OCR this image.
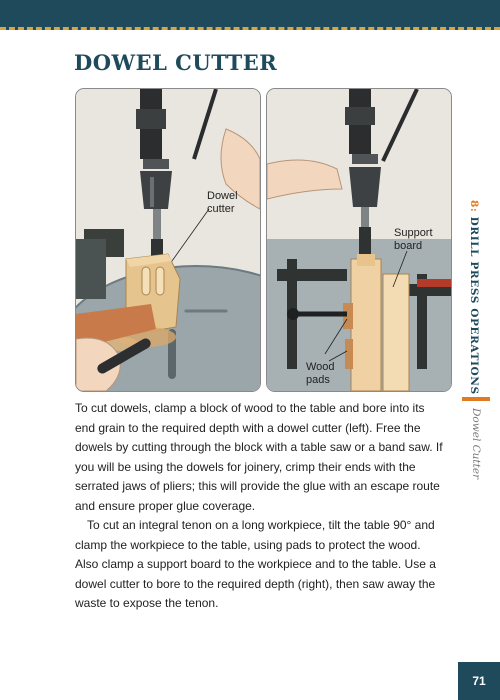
DOWEL CUTTER
Dowel
cutter
Support
board
Wood
pads

To cut dowels, clamp a block of wood to the table and bore into its end grain to the required depth with a dowel cutter (left). Free the dowels by cutting through the block with a table saw or a band saw. If you will be using the dowels for joinery, crimp their ends with the serrated jaws of pliers; this will provide the glue with an escape route and ensure proper glue coverage.

To cut an integral tenon on a long workpiece, tilt the table 90° and clamp the workpiece to the table, using pads to protect the wood. Also clamp a support board to the workpiece and to the table. Use a dowel cutter to bore to the required depth (right), then saw away the waste to expose the tenon.

8: DRILL PRESS OPERATIONS
Dowel Cutter
71
